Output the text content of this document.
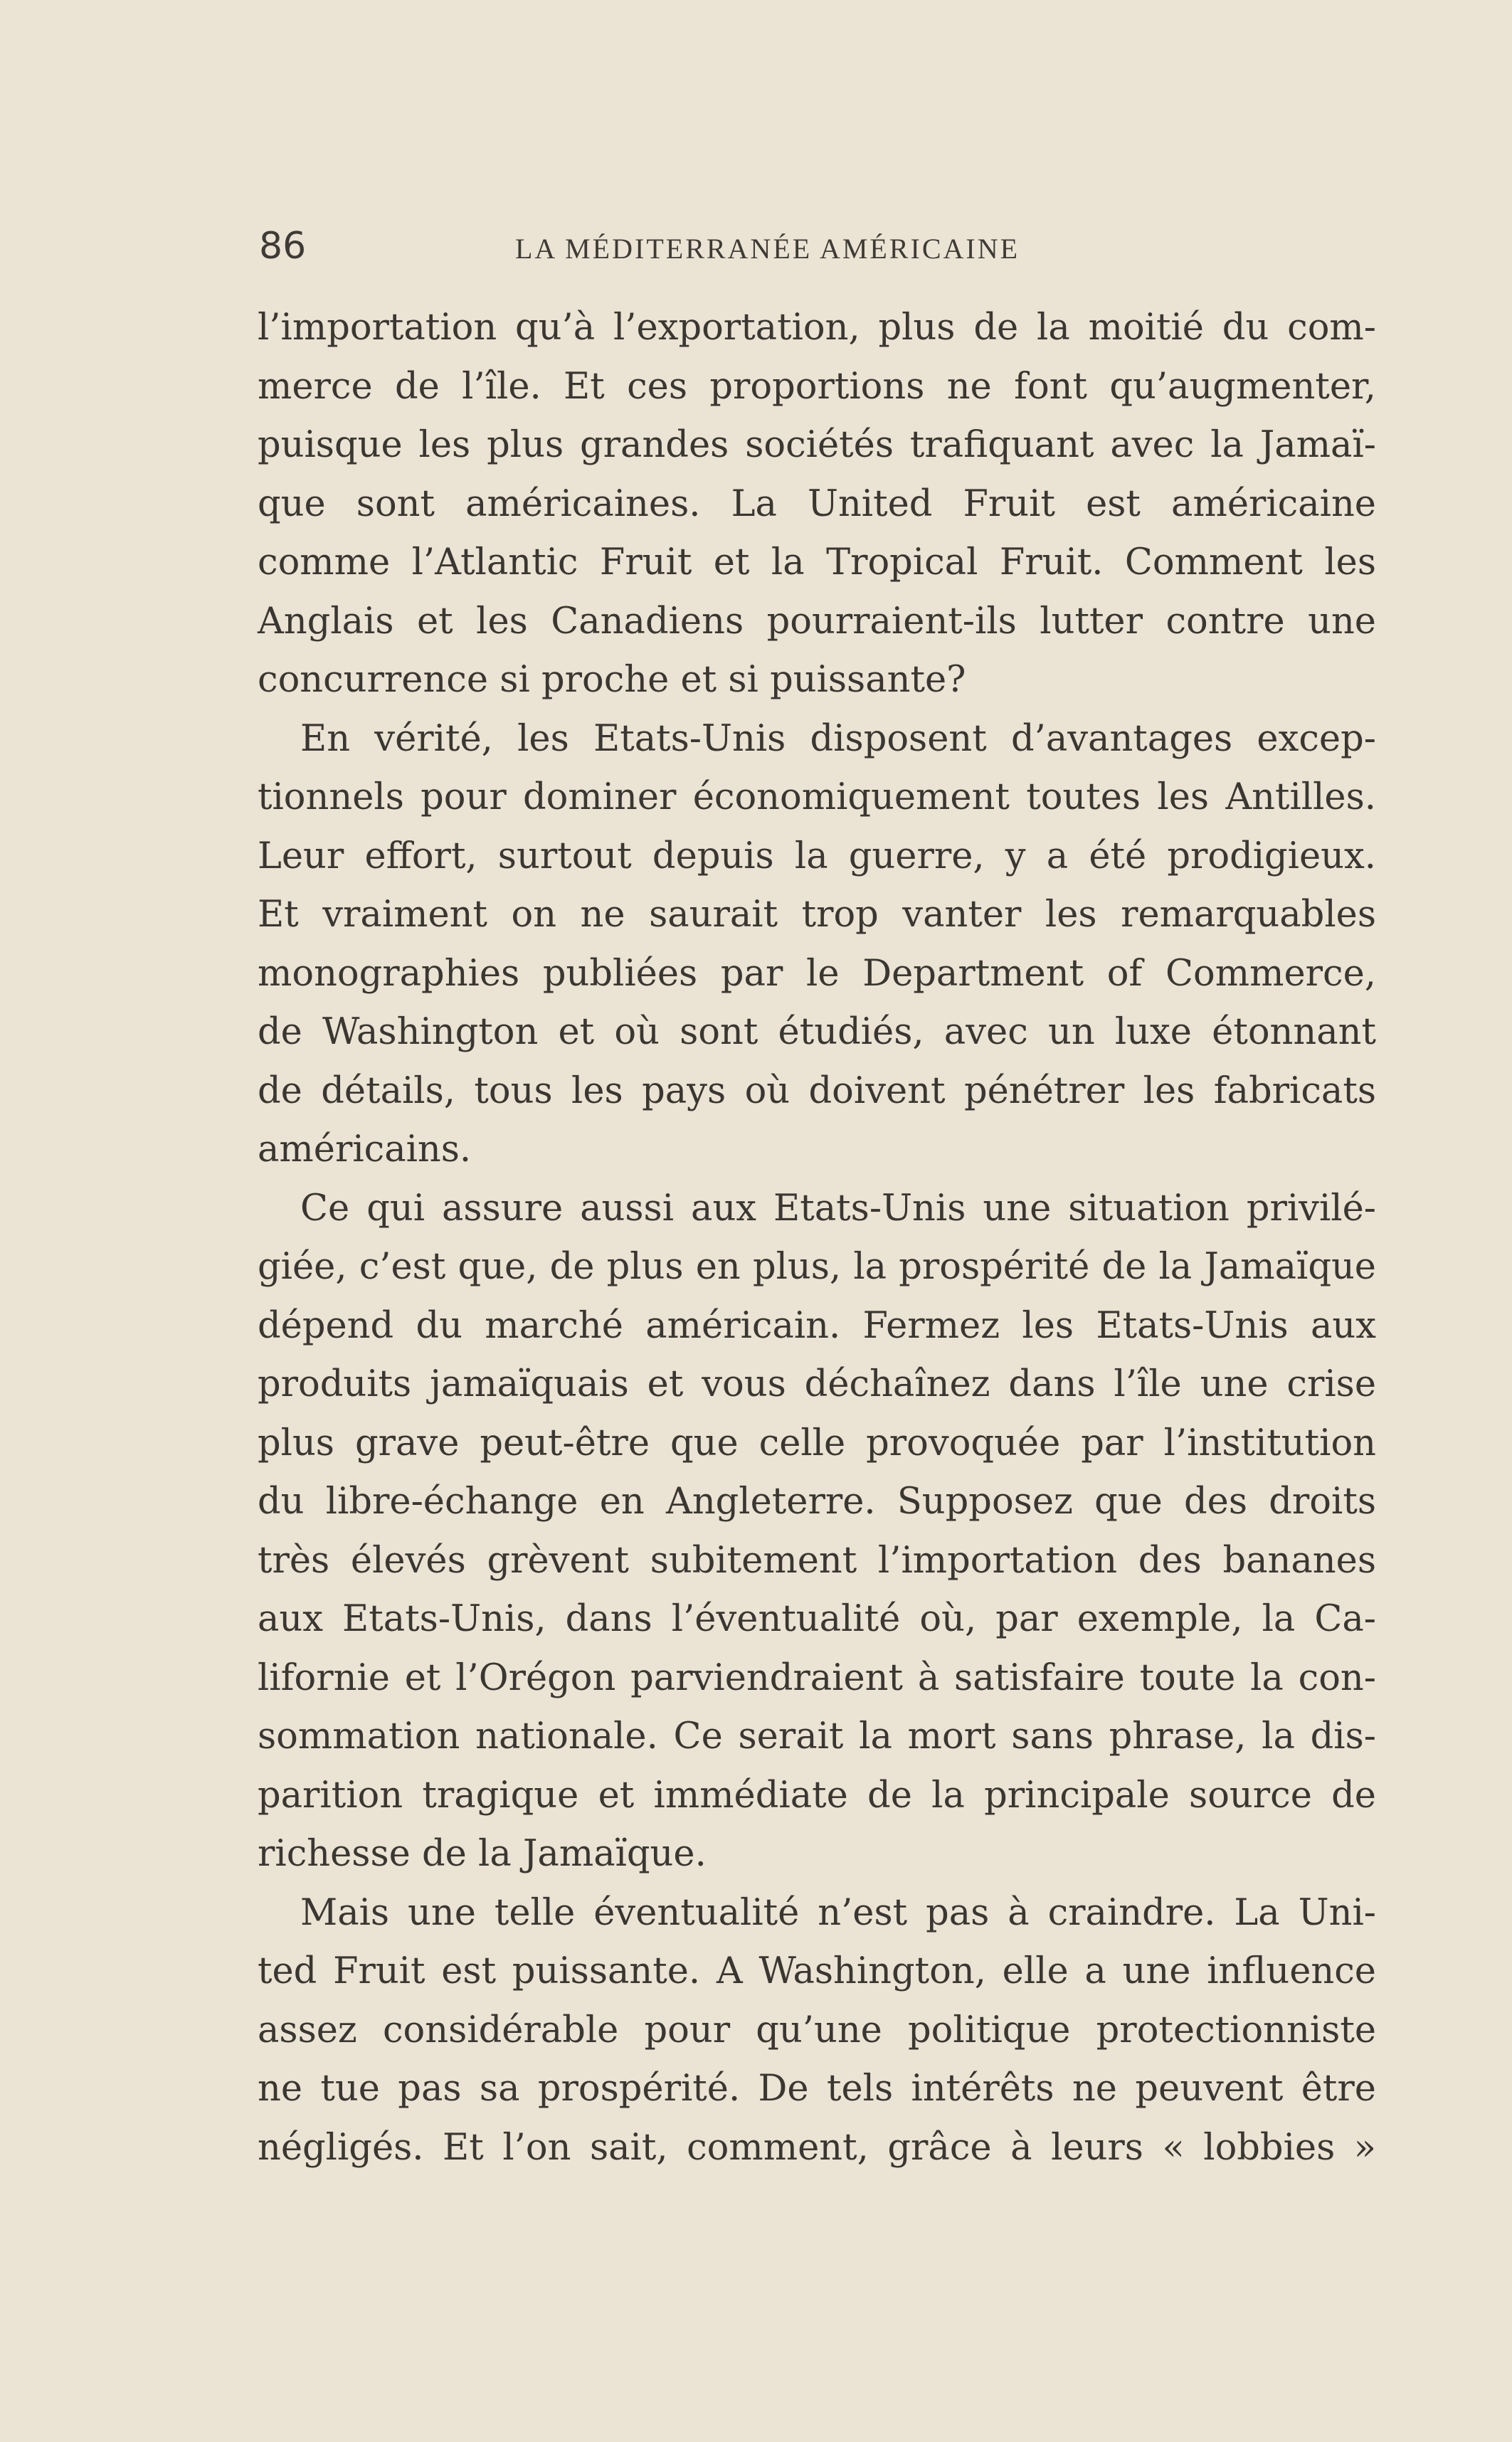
86	LA MÉDITERRANÉE AMÉRICAINE

l’importation qu’à l’exportation, plus de la moitié du com-
merce de l’île. Et ces proportions ne font qu’augmenter,
puisque les plus grandes sociétés trafiquant avec la Jamaï-
que sont américaines. La United Fruit est américaine
comme l’Atlantic Fruit et la Tropical Fruit. Comment les
Anglais et les Canadiens pourraient-ils lutter contre une
concurrence si proche et si puissante?

En vérité, les Etats-Unis disposent d’avantages excep-
tionnels pour dominer économiquement toutes les Antilles.
Leur effort, surtout depuis la guerre, y a été prodigieux.
Et vraiment on ne saurait trop vanter les remarquables
monographies publiées par le Department of Commerce,
de Washington et où sont étudiés, avec un luxe étonnant
de détails, tous les pays où doivent pénétrer les fabricats
américains.

Ce qui assure aussi aux Etats-Unis une situation privilé-
giée, c’est que, de plus en plus, la prospérité de la Jamaïque
dépend du marché américain. Fermez les Etats-Unis aux
produits jamaïquais et vous déchaînez dans l’île une crise
plus grave peut-être que celle provoquée par l’institution
du libre-échange en Angleterre. Supposez que des droits
très élevés grèvent subitement l’importation des bananes
aux Etats-Unis, dans l’éventualité où, par exemple, la Ca-
lifornie et l’Orégon parviendraient à satisfaire toute la con-
sommation nationale. Ce serait la mort sans phrase, la dis-
parition tragique et immédiate de la principale source de
richesse de la Jamaïque.

Mais une telle éventualité n’est pas à craindre. La Uni-
ted Fruit est puissante. A Washington, elle a une influence
assez considérable pour qu’une politique protectionniste
ne tue pas sa prospérité. De tels intérêts ne peuvent être
négligés. Et l’on sait, comment, grâce à leurs « lobbies »
